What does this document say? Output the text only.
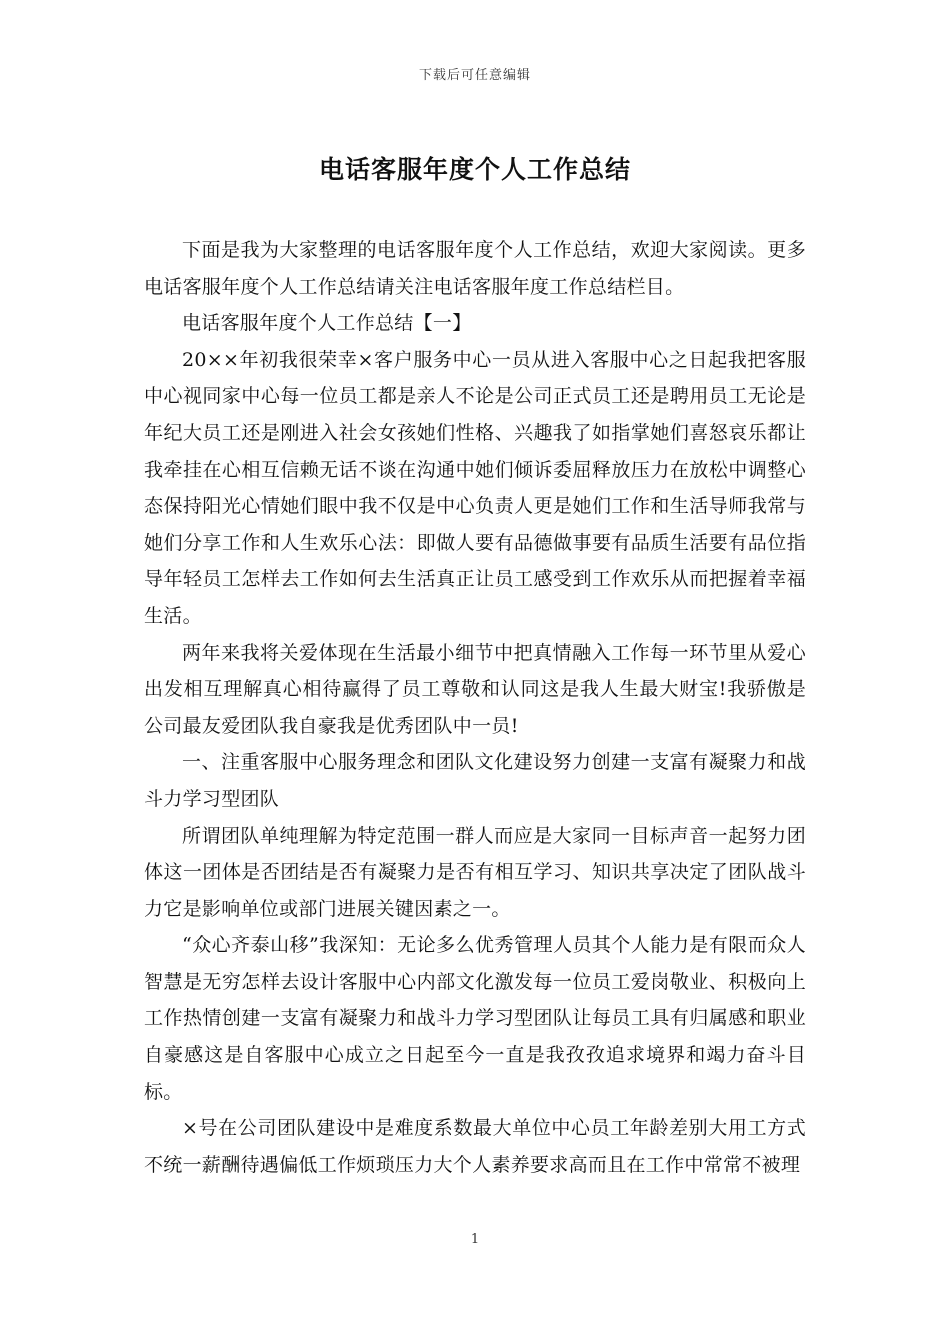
下载后可任意编辑
电话客服年度个人工作总结

下面是我为大家整理的电话客服年度个人工作总结，欢迎大家阅读。更多电话客服年度个人工作总结请关注电话客服年度工作总结栏目。

电话客服年度个人工作总结【一】

20××年初我很荣幸×客户服务中心一员从进入客服中心之日起我把客服中心视同家中心每一位员工都是亲人不论是公司正式员工还是聘用员工无论是年纪大员工还是刚进入社会女孩她们性格、兴趣我了如指掌她们喜怒哀乐都让我牵挂在心相互信赖无话不谈在沟通中她们倾诉委屈释放压力在放松中调整心态保持阳光心情她们眼中我不仅是中心负责人更是她们工作和生活导师我常与她们分享工作和人生欢乐心法：即做人要有品德做事要有品质生活要有品位指导年轻员工怎样去工作如何去生活真正让员工感受到工作欢乐从而把握着幸福生活。

两年来我将关爱体现在生活最小细节中把真情融入工作每一环节里从爱心出发相互理解真心相待赢得了员工尊敬和认同这是我人生最大财宝!我骄傲是公司最友爱团队我自豪我是优秀团队中一员!

一、注重客服中心服务理念和团队文化建设努力创建一支富有凝聚力和战斗力学习型团队

所谓团队单纯理解为特定范围一群人而应是大家同一目标声音一起努力团体这一团体是否团结是否有凝聚力是否有相互学习、知识共享决定了团队战斗力它是影响单位或部门进展关键因素之一。

“众心齐泰山移”我深知：无论多么优秀管理人员其个人能力是有限而众人智慧是无穷怎样去设计客服中心内部文化激发每一位员工爱岗敬业、积极向上工作热情创建一支富有凝聚力和战斗力学习型团队让每员工具有归属感和职业自豪感这是自客服中心成立之日起至今一直是我孜孜追求境界和竭力奋斗目标。

×号在公司团队建设中是难度系数最大单位中心员工年龄差别大用工方式不统一薪酬待遇偏低工作烦琐压力大个人素养要求高而且在工作中常常不被理

1
